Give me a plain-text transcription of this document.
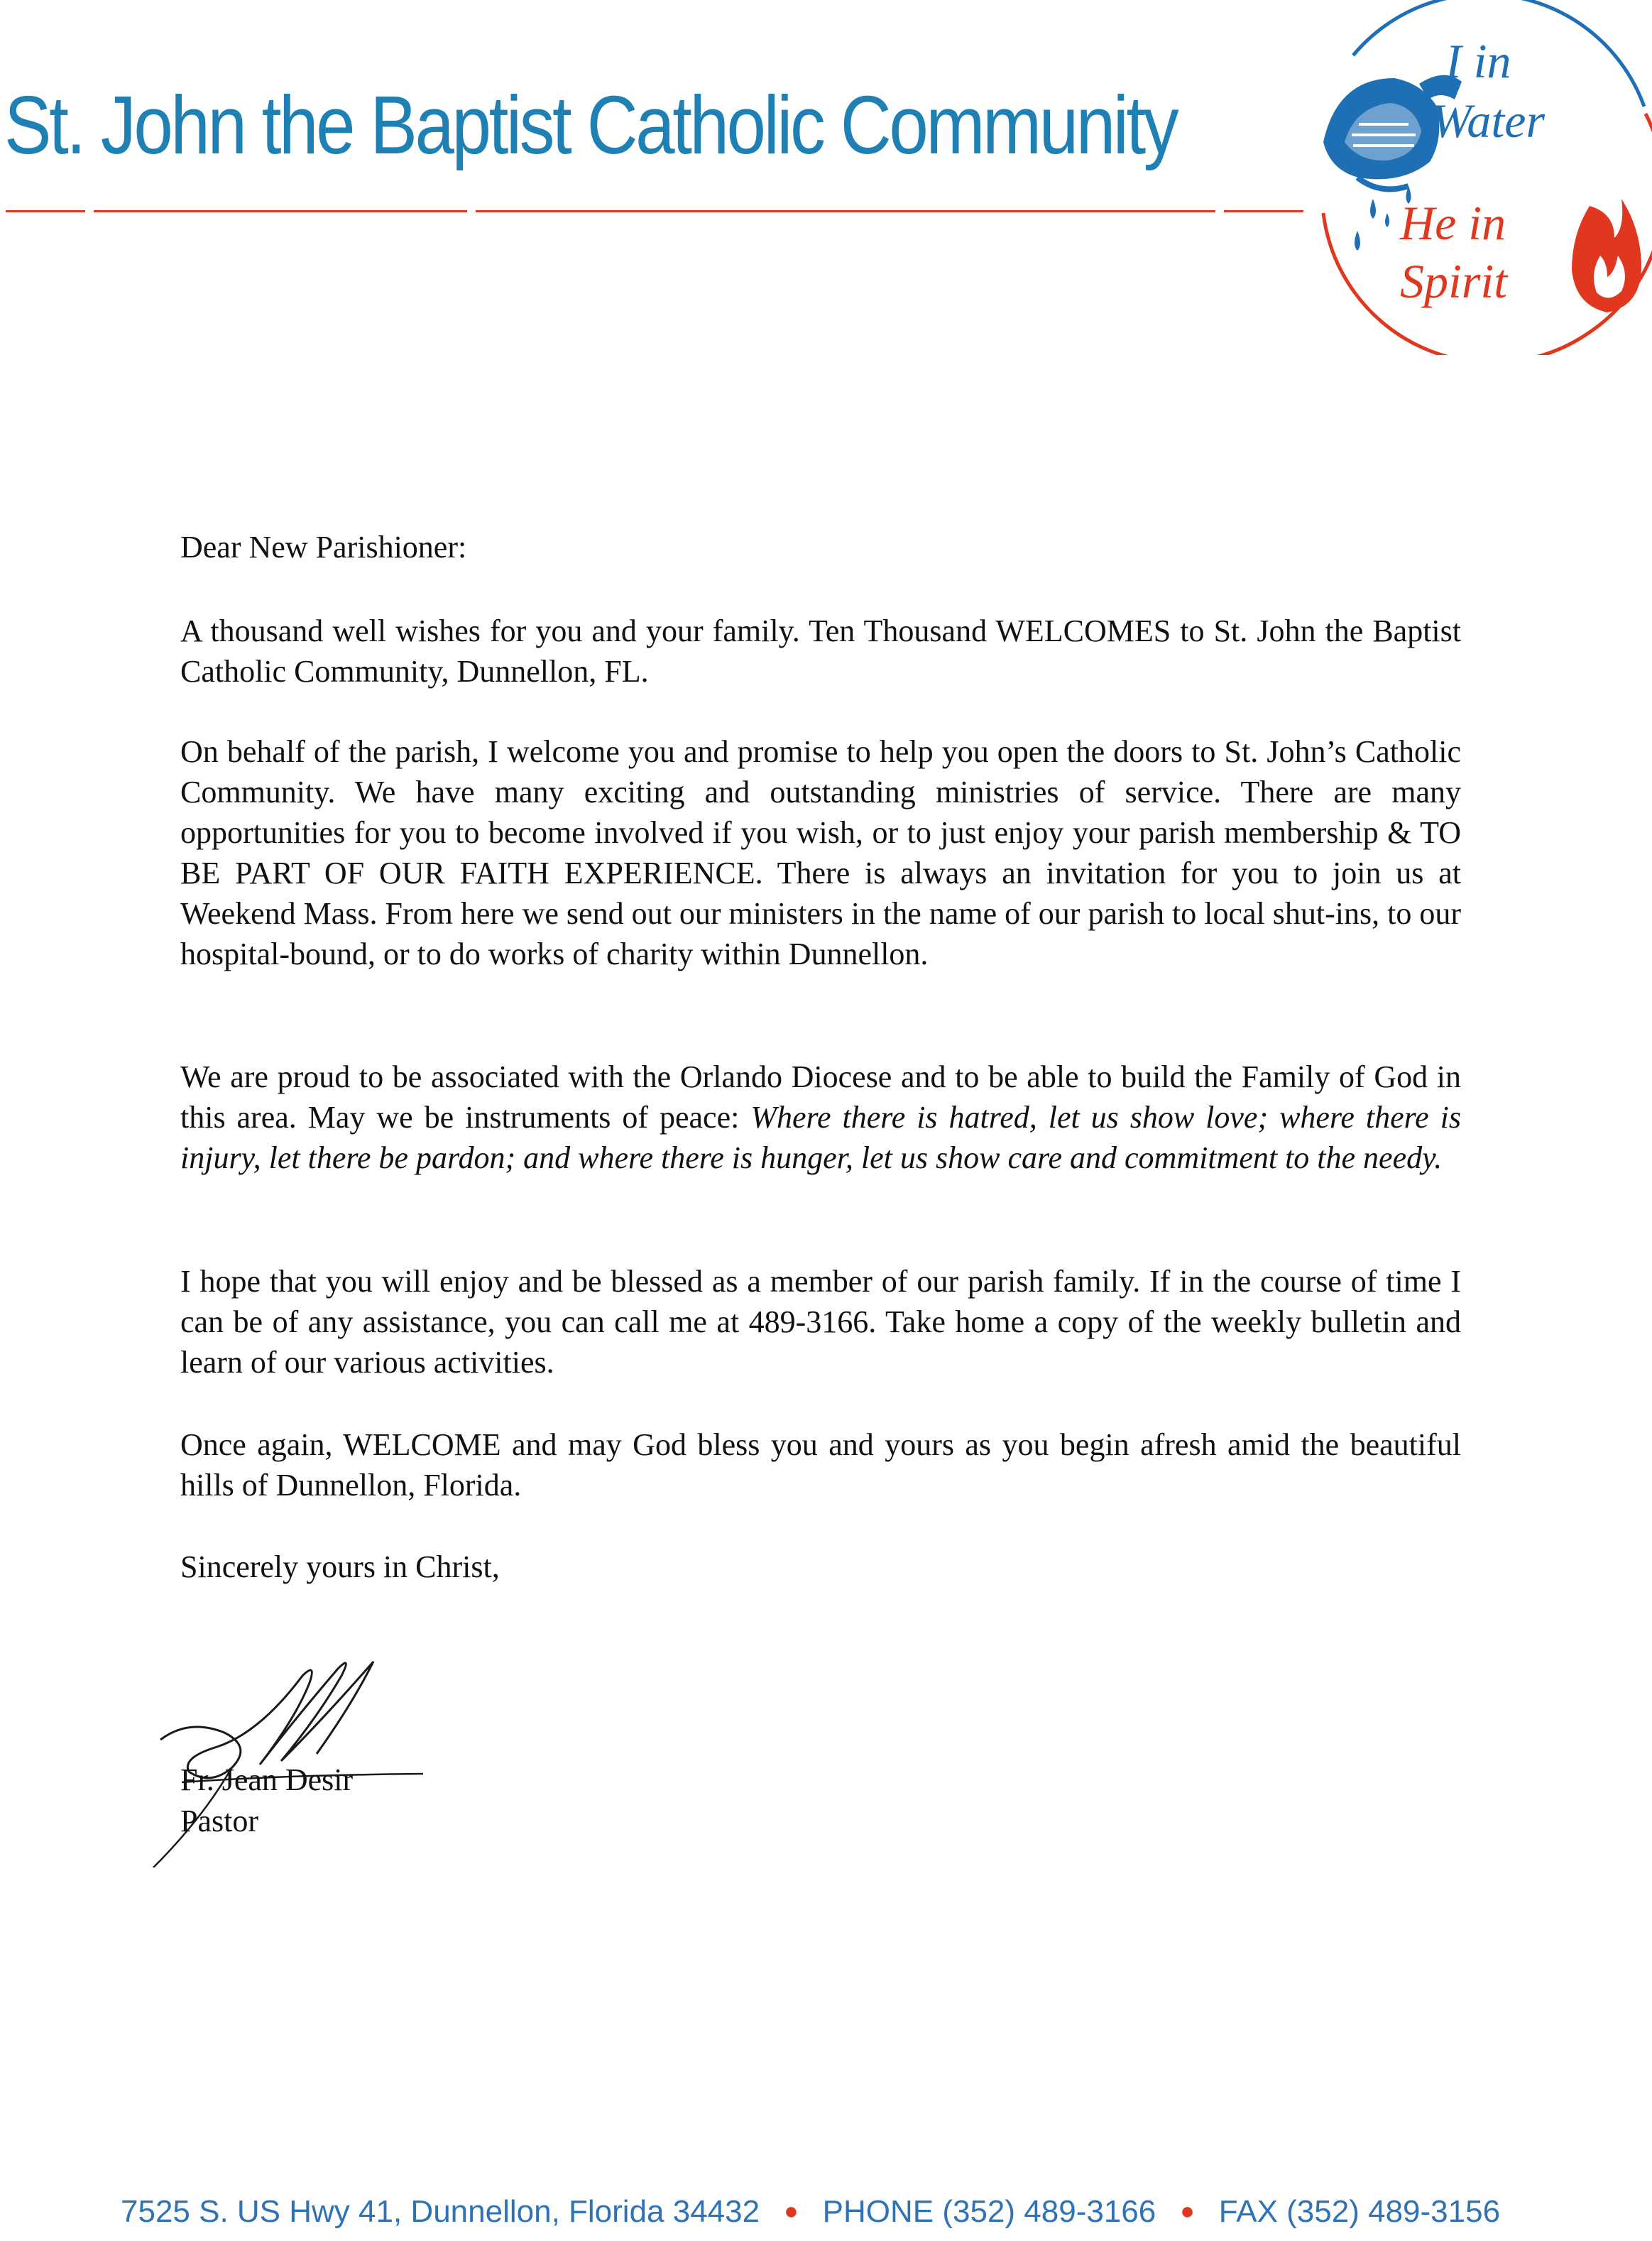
St. John the Baptist Catholic Community
I in
Water
He in
Spirit
Dear New Parishioner:
A thousand well wishes for you and your family. Ten Thousand WELCOMES to St. John the Baptist Catholic Community, Dunnellon, FL.
On behalf of the parish, I welcome you and promise to help you open the doors to St. John’s Catholic Community. We have many exciting and outstanding ministries of service. There are many opportunities for you to become involved if you wish, or to just enjoy your parish membership & TO BE PART OF OUR FAITH EXPERIENCE. There is always an invitation for you to join us at Weekend Mass. From here we send out our ministers in the name of our parish to local shut-ins, to our hospital-bound, or to do works of charity within Dunnellon.
We are proud to be associated with the Orlando Diocese and to be able to build the Family of God in this area. May we be instruments of peace: Where there is hatred, let us show love; where there is injury, let there be pardon; and where there is hunger, let us show care and commitment to the needy.
I hope that you will enjoy and be blessed as a member of our parish family. If in the course of time I can be of any assistance, you can call me at 489-3166. Take home a copy of the weekly bulletin and learn of our various activities.
Once again, WELCOME and may God bless you and yours as you begin afresh amid the beautiful hills of Dunnellon, Florida.
Sincerely yours in Christ,
Fr. Jean Desir
Pastor
7525 S. US Hwy 41, Dunnellon, Florida 34432 ● PHONE (352) 489-3166 ● FAX (352) 489-3156
